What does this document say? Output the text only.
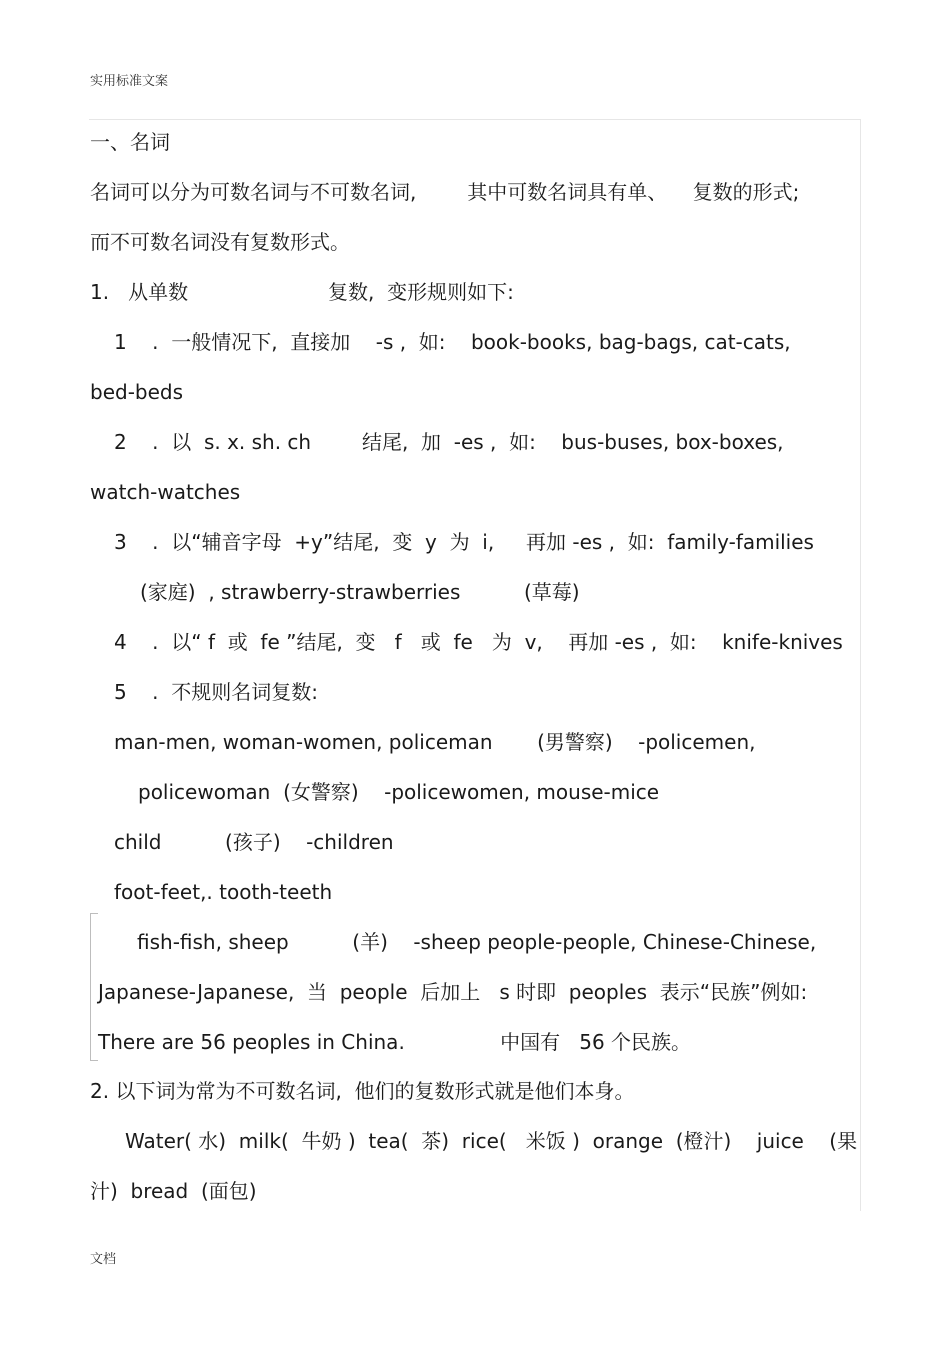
实用标准文案
一、名词
名词可以分为可数名词与不可数名词,        其中可数名词具有单、    复数的形式;
而不可数名词没有复数形式。
1.   从单数                      复数,  变形规则如下:
1    .  一般情况下,  直接加    -s ,  如:    book-books, bag-bags, cat-cats,
bed-beds
2    .  以  s. x. sh. ch        结尾,  加  -es ,  如:    bus-buses, box-boxes,
watch-watches
3    .  以“辅音字母  +y”结尾,  变  y  为  i,     再加 -es ,  如:  family-families
(家庭)  , strawberry-strawberries          (草莓)
4    .  以“ f  或  fe ”结尾,  变   f   或  fe   为  v,    再加 -es ,  如:    knife-knives
5    .  不规则名词复数:
man-men, woman-women, policeman       (男警察)    -policemen,
policewoman  (女警察)    -policewomen, mouse-mice
child          (孩子)    -children
foot-feet,. tooth-teeth
fish-fish, sheep          (羊)    -sheep people-people, Chinese-Chinese,
Japanese-Japanese,  当  people  后加上   s 时即  peoples  表示“民族”例如:
There are 56 peoples in China.               中国有   56 个民族。
2. 以下词为常为不可数名词,  他们的复数形式就是他们本身。
Water( 水)  milk(  牛奶 )  tea(  茶)  rice(   米饭 )  orange  (橙汁)    juice    (果
汁)  bread  (面包)
文档
